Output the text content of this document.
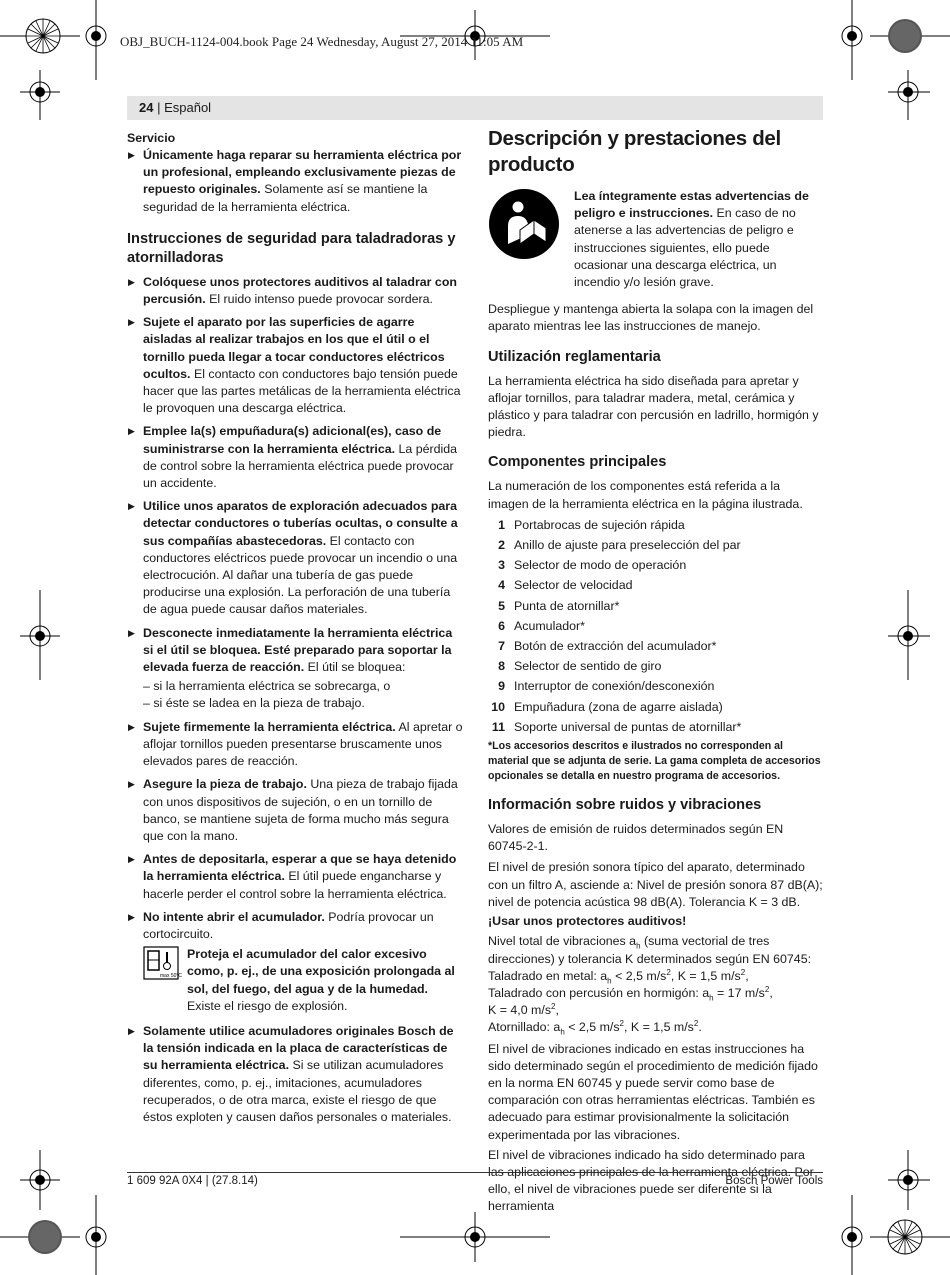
OBJ_BUCH-1124-004.book Page 24 Wednesday, August 27, 2014 11:05 AM
24 | Español
Servicio
▶ Únicamente haga reparar su herramienta eléctrica por un profesional, empleando exclusivamente piezas de repuesto originales. Solamente así se mantiene la seguridad de la herramienta eléctrica.
Instrucciones de seguridad para taladradoras y atornilladoras
▶ Colóquese unos protectores auditivos al taladrar con percusión. El ruido intenso puede provocar sordera.
▶ Sujete el aparato por las superficies de agarre aisladas al realizar trabajos en los que el útil o el tornillo pueda llegar a tocar conductores eléctricos ocultos. El contacto con conductores bajo tensión puede hacer que las partes metálicas de la herramienta eléctrica le provoquen una descarga eléctrica.
▶ Emplee la(s) empuñadura(s) adicional(es), caso de suministrarse con la herramienta eléctrica. La pérdida de control sobre la herramienta eléctrica puede provocar un accidente.
▶ Utilice unos aparatos de exploración adecuados para detectar conductores o tuberías ocultas, o consulte a sus compañías abastecedoras. El contacto con conductores eléctricos puede provocar un incendio o una electrocución. Al dañar una tubería de gas puede producirse una explosión. La perforación de una tubería de agua puede causar daños materiales.
▶ Desconecte inmediatamente la herramienta eléctrica si el útil se bloquea. Esté preparado para soportar la elevada fuerza de reacción. El útil se bloquea:

– si la herramienta eléctrica se sobrecarga, o

– si éste se ladea en la pieza de trabajo.

▶ Sujete firmemente la herramienta eléctrica. Al apretar o aflojar tornillos pueden presentarse bruscamente unos elevados pares de reacción.
▶ Asegure la pieza de trabajo. Una pieza de trabajo fijada con unos dispositivos de sujeción, o en un tornillo de banco, se mantiene sujeta de forma mucho más segura que con la mano.
▶ Antes de depositarla, esperar a que se haya detenido la herramienta eléctrica. El útil puede engancharse y hacerle perder el control sobre la herramienta eléctrica.
▶ No intente abrir el acumulador. Podría provocar un cortocircuito.
max 50°C
Proteja el acumulador del calor excesivo como, p. ej., de una exposición prolongada al sol, del fuego, del agua y de la humedad. Existe el riesgo de explosión.
▶ Solamente utilice acumuladores originales Bosch de la tensión indicada en la placa de características de su herramienta eléctrica. Si se utilizan acumuladores diferentes, como, p. ej., imitaciones, acumuladores recuperados, o de otra marca, existe el riesgo de que éstos exploten y causen daños personales o materiales.
Descripción y prestaciones del producto
Lea íntegramente estas advertencias de peligro e instrucciones. En caso de no atenerse a las advertencias de peligro e instrucciones siguientes, ello puede ocasionar una descarga eléctrica, un incendio y/o lesión grave.

Despliegue y mantenga abierta la solapa con la imagen del aparato mientras lee las instrucciones de manejo.

Utilización reglamentaria

La herramienta eléctrica ha sido diseñada para apretar y aflojar tornillos, para taladrar madera, metal, cerámica y plástico y para taladrar con percusión en ladrillo, hormigón y piedra.

Componentes principales

La numeración de los componentes está referida a la imagen de la herramienta eléctrica en la página ilustrada.

1 Portabrocas de sujeción rápida
2 Anillo de ajuste para preselección del par
3 Selector de modo de operación
4 Selector de velocidad
5 Punta de atornillar*
6 Acumulador*
7 Botón de extracción del acumulador*
8 Selector de sentido de giro
9 Interruptor de conexión/desconexión
10 Empuñadura (zona de agarre aislada)
11 Soporte universal de puntas de atornillar*

*Los accesorios descritos e ilustrados no corresponden al material que se adjunta de serie. La gama completa de accesorios opcionales se detalla en nuestro programa de accesorios.

Información sobre ruidos y vibraciones

Valores de emisión de ruidos determinados según EN 60745-2-1.

El nivel de presión sonora típico del aparato, determinado con un filtro A, asciende a: Nivel de presión sonora 87 dB(A); nivel de potencia acústica 98 dB(A). Tolerancia K = 3 dB.

¡Usar unos protectores auditivos!

Nivel total de vibraciones $a_h$ (suma vectorial de tres direcciones) y tolerancia K determinados según EN 60745:

Taladrado en metal: $a_h < 2,5$ $m/s^2$, K = 1,5 $m/s^2$,

Taladrado con percusión en hormigón: $a_h = 17$ $m/s^2$,

K = 4,0 $m/s^2$,

Atornillado: $a_h < 2,5$ $m/s^2$, K = 1,5 $m/s^2$.

El nivel de vibraciones indicado en estas instrucciones ha sido determinado según el procedimiento de medición fijado en la norma EN 60745 y puede servir como base de comparación con otras herramientas eléctricas. También es adecuado para estimar provisionalmente la solicitación experimentada por las vibraciones.

El nivel de vibraciones indicado ha sido determinado para las aplicaciones principales de la herramienta eléctrica. Por ello, el nivel de vibraciones puede ser diferente si la herramienta

1 609 92A 0X4 | (27.8.14)	Bosch Power Tools
